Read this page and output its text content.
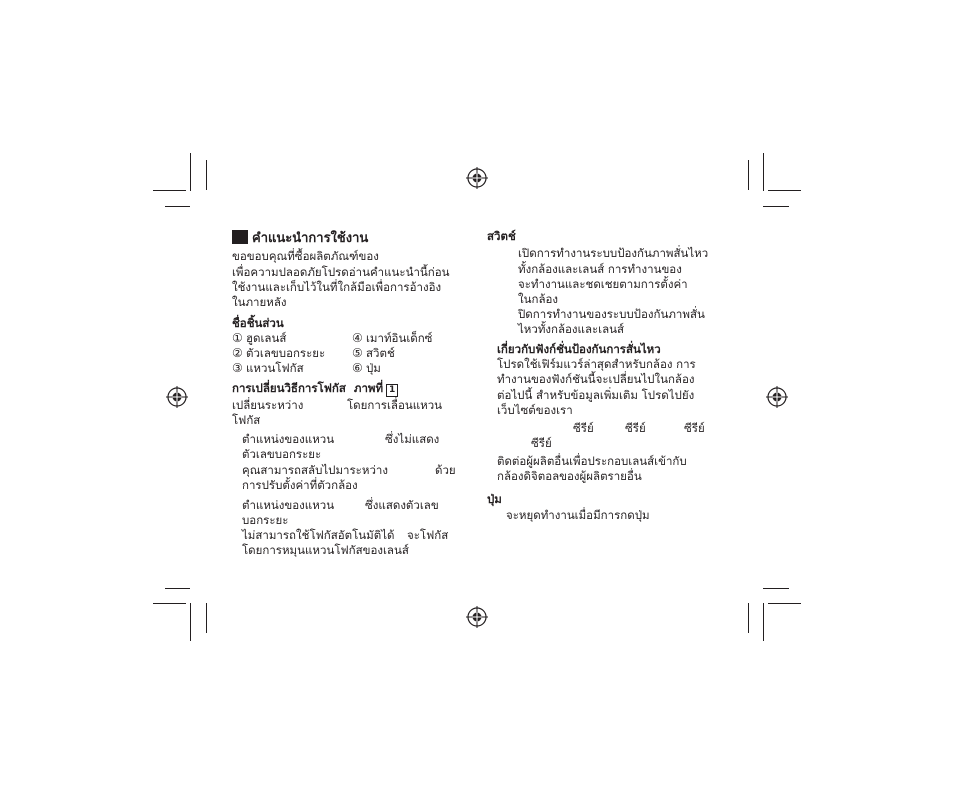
คำแนะนำการใช้งาน
ขอขอบคุณที่ซื้อผลิตภัณฑ์ของ
เพื่อความปลอดภัยโปรดอ่านคำแนะนำนี้ก่อน
ใช้งานและเก็บไว้ในที่ใกล้มือเพื่อการอ้างอิง
ในภายหลัง
ชื่อชิ้นส่วน
① ฮูดเลนส์	④ เมาท์อินเด็กซ์
② ตัวเลขบอกระยะ ⑤ สวิตช์
③ แหวนโฟกัส	⑥ ปุ่ม
การเปลี่ยนวิธีการโฟกัส ภาพที่ 1
เปลี่ยนระหว่าง	โดยการเลื่อนแหวน
โฟกัส
ตำแหน่งของแหวน	ซึ่งไม่แสดง
ตัวเลขบอกระยะ
คุณสามารถสลับไปมาระหว่าง	ด้วย
การปรับตั้งค่าที่ตัวกล้อง
ตำแหน่งของแหวน	ซึ่งแสดงตัวเลข
บอกระยะ
ไม่สามารถใช้โฟกัสอัตโนมัติได้ จะโฟกัส
โดยการหมุนแหวนโฟกัสของเลนส์
สวิตช์
เปิดการทำงานระบบป้องกันภาพสั่นไหว
ทั้งกล้องและเลนส์ การทำงานของ
จะทำงานและชดเชยตามการตั้งค่า
ในกล้อง
ปิดการทำงานของระบบป้องกันภาพสั่น
ไหวทั้งกล้องและเลนส์
เกี่ยวกับฟังก์ชั่นป้องกันการสั่นไหว
โปรดใช้เฟิร์มแวร์ล่าสุดสำหรับกล้อง การ
ทำงานของฟังก์ชันนี้จะเปลี่ยนไปในกล้อง
ต่อไปนี้ สำหรับข้อมูลเพิ่มเติม โปรดไปยัง
เว็บไซต์ของเรา
ซีรีย์	ซีรีย์	ซีรีย์
ซีรีย์
ติดต่อผู้ผลิตอื่นเพื่อประกอบเลนส์เข้ากับ
กล้องดิจิตอลของผู้ผลิตรายอื่น
ปุ่ม
จะหยุดทำงานเมื่อมีการกดปุ่ม
